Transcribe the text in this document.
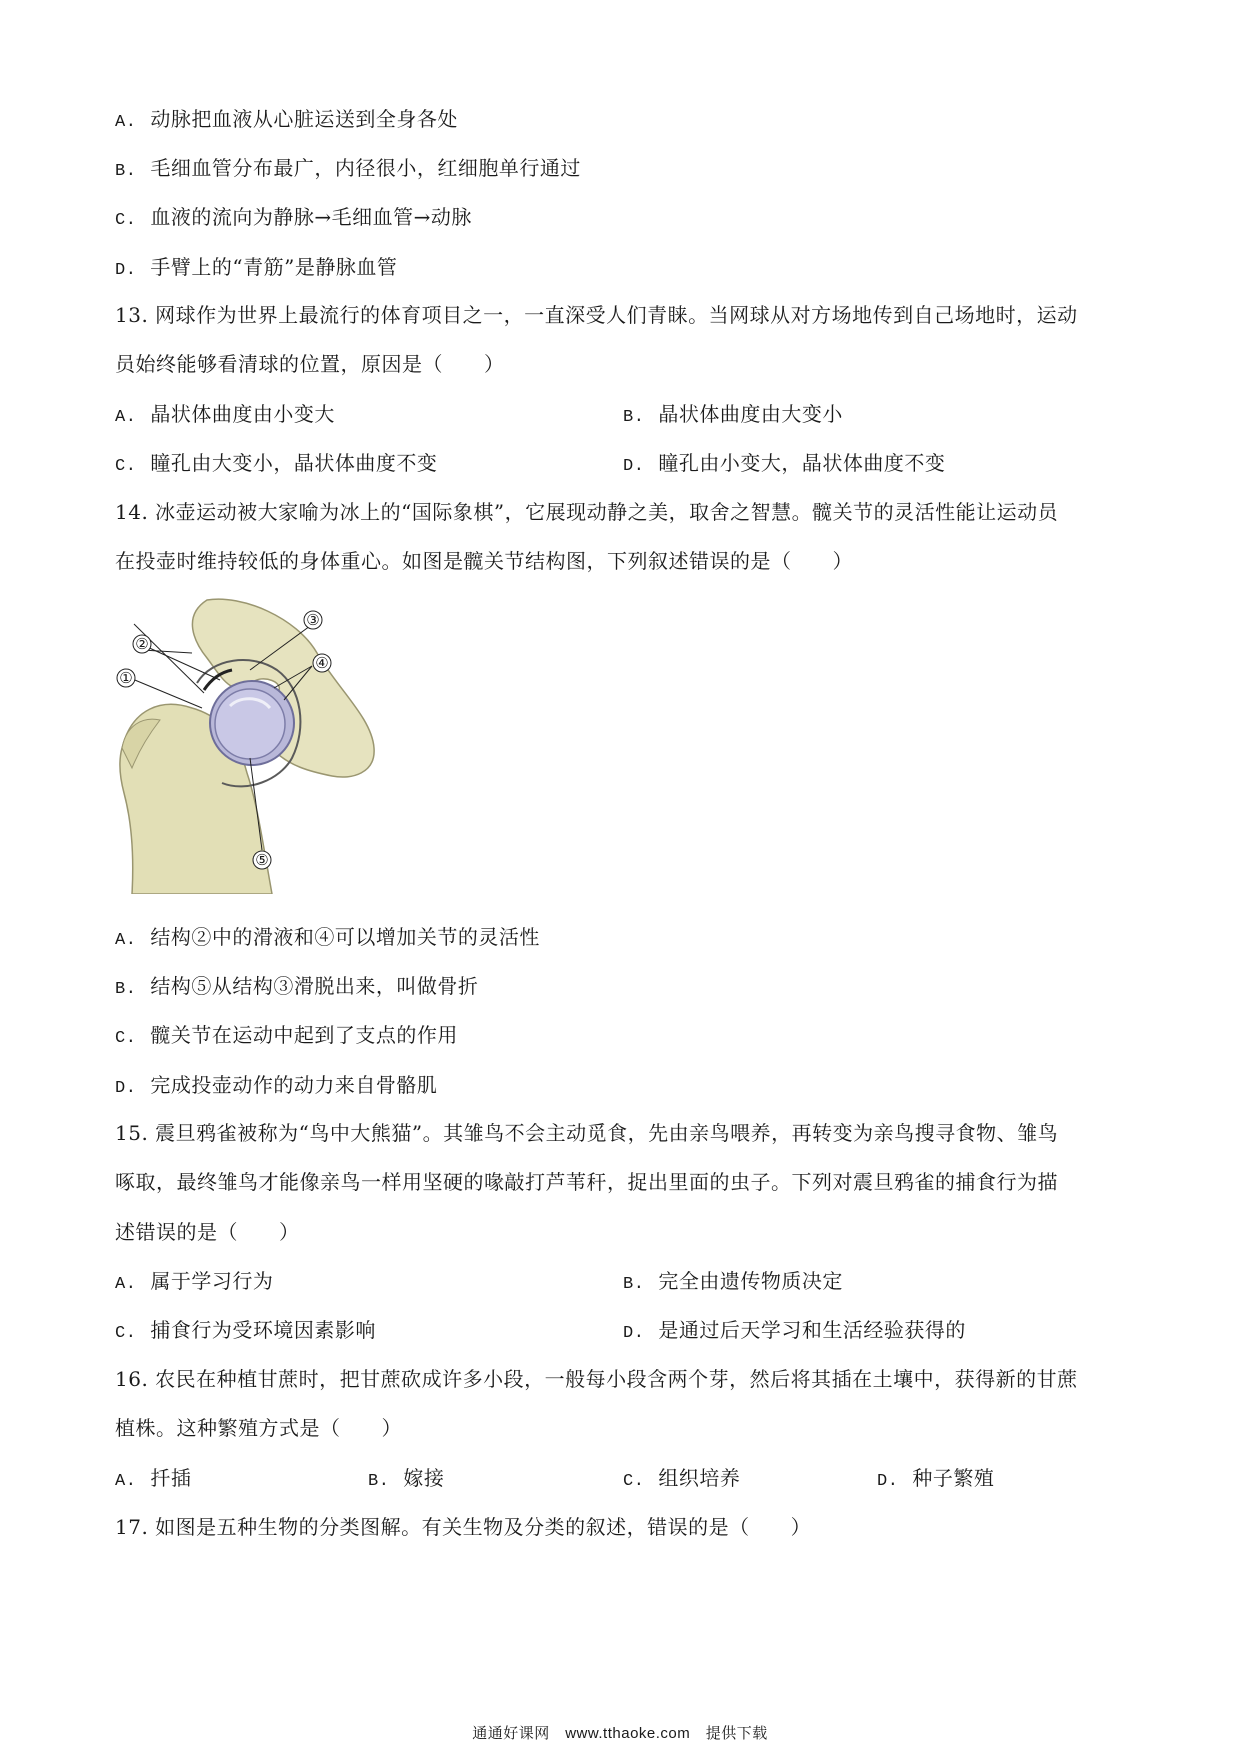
A. 动脉把血液从心脏运送到全身各处
B. 毛细血管分布最广，内径很小，红细胞单行通过
C. 血液的流向为静脉→毛细血管→动脉
D. 手臂上的“青筋”是静脉血管
13. 网球作为世界上最流行的体育项目之一，一直深受人们青睐。当网球从对方场地传到自己场地时，运动
员始终能够看清球的位置，原因是（　　）
A. 晶状体曲度由小变大	B. 晶状体曲度由大变小
C. 瞳孔由大变小，晶状体曲度不变	D. 瞳孔由小变大，晶状体曲度不变
14. 冰壶运动被大家喻为冰上的“国际象棋”，它展现动静之美，取舍之智慧。髋关节的灵活性能让运动员
在投壶时维持较低的身体重心。如图是髋关节结构图，下列叙述错误的是（　　）
①
②
③
④
⑤
A. 结构②中的滑液和④可以增加关节的灵活性
B. 结构⑤从结构③滑脱出来，叫做骨折
C. 髋关节在运动中起到了支点的作用
D. 完成投壶动作的动力来自骨骼肌
15. 震旦鸦雀被称为“鸟中大熊猫”。其雏鸟不会主动觅食，先由亲鸟喂养，再转变为亲鸟搜寻食物、雏鸟
啄取，最终雏鸟才能像亲鸟一样用坚硬的喙敲打芦苇秆，捉出里面的虫子。下列对震旦鸦雀的捕食行为描
述错误的是（　　）
A. 属于学习行为	B. 完全由遗传物质决定
C. 捕食行为受环境因素影响	D. 是通过后天学习和生活经验获得的
16. 农民在种植甘蔗时，把甘蔗砍成许多小段，一般每小段含两个芽，然后将其插在土壤中，获得新的甘蔗
植株。这种繁殖方式是（　　）
A. 扦插	B. 嫁接	C. 组织培养	D. 种子繁殖
17. 如图是五种生物的分类图解。有关生物及分类的叙述，错误的是（　　）
通通好课网　www.tthaoke.com　提供下载
